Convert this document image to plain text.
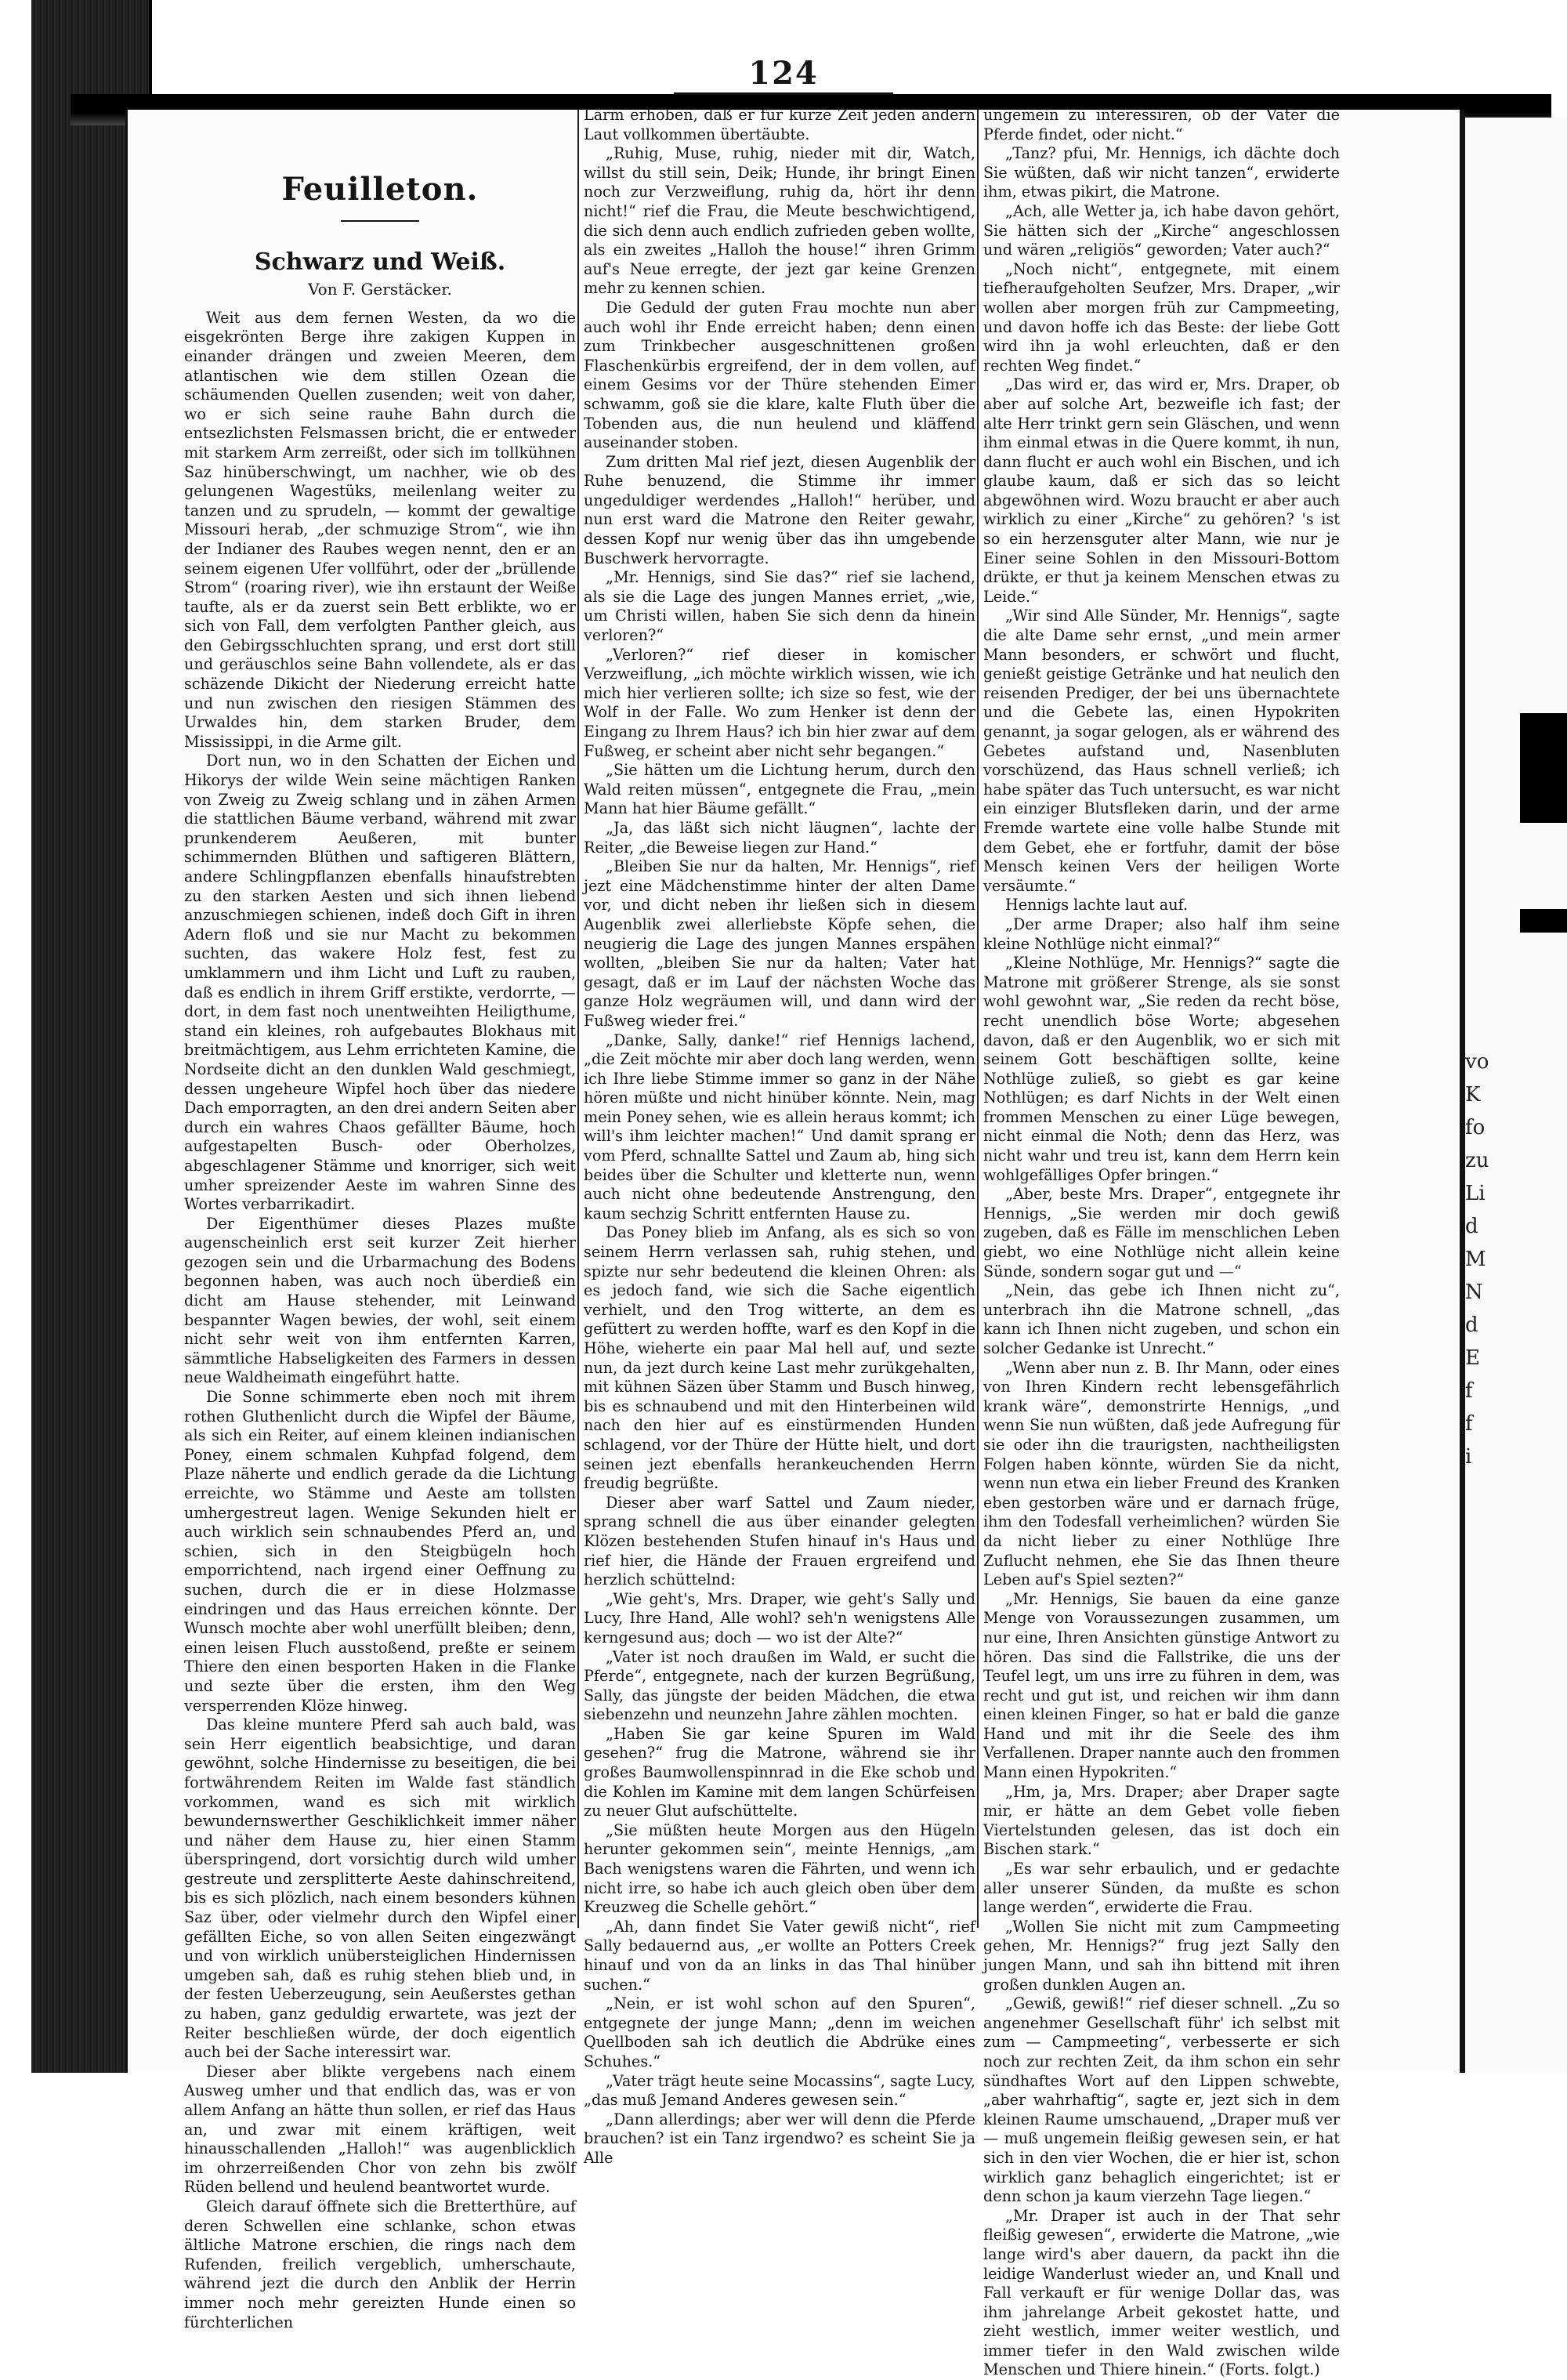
vo
K
fo
zu
Li
d
M
N
d
E
f
f
i
124
Feuilleton.
Schwarz und Weiß.
Von F. Gerstäcker.

Weit aus dem fernen Westen, da wo die eisgekrönten Berge ihre zakigen Kuppen in einander drängen und zweien Meeren, dem atlantischen wie dem stillen Ozean die schäumenden Quellen zusenden; weit von daher, wo er sich seine rauhe Bahn durch die entsezlichsten Felsmassen bricht, die er entweder mit starkem Arm zerreißt, oder sich im tollkühnen Saz hinüberschwingt, um nachher, wie ob des gelungenen Wagestüks, meilenlang weiter zu tanzen und zu sprudeln, — kommt der gewaltige Missouri herab, „der schmuzige Strom“, wie ihn der Indianer des Raubes wegen nennt, den er an seinem eigenen Ufer vollführt, oder der „brüllende Strom“ (roaring river), wie ihn erstaunt der Weiße taufte, als er da zuerst sein Bett erblikte, wo er sich von Fall, dem verfolgten Panther gleich, aus den Gebirgsschluchten sprang, und erst dort still und geräuschlos seine Bahn vollendete, als er das schäzende Dikicht der Niederung erreicht hatte und nun zwischen den riesigen Stämmen des Urwaldes hin, dem starken Bruder, dem Mississippi, in die Arme gilt.

Dort nun, wo in den Schatten der Eichen und Hikorys der wilde Wein seine mächtigen Ranken von Zweig zu Zweig schlang und in zähen Armen die stattlichen Bäume verband, während mit zwar prunkenderem Aeußeren, mit bunter schimmernden Blüthen und saftigeren Blättern, andere Schlingpflanzen ebenfalls hinaufstrebten zu den starken Aesten und sich ihnen liebend anzuschmiegen schienen, indeß doch Gift in ihren Adern floß und sie nur Macht zu bekommen suchten, das wakere Holz fest, fest zu umklammern und ihm Licht und Luft zu rauben, daß es endlich in ihrem Griff erstikte, verdorrte, — dort, in dem fast noch unentweihten Heiligthume, stand ein kleines, roh aufgebautes Blokhaus mit breitmächtigem, aus Lehm errichteten Kamine, die Nordseite dicht an den dunklen Wald geschmiegt, dessen ungeheure Wipfel hoch über das niedere Dach emporragten, an den drei andern Seiten aber durch ein wahres Chaos gefällter Bäume, hoch aufgestapelten Busch- oder Oberholzes, abgeschlagener Stämme und knorriger, sich weit umher spreizender Aeste im wahren Sinne des Wortes verbarrikadirt.

Der Eigenthümer dieses Plazes mußte augenscheinlich erst seit kurzer Zeit hierher gezogen sein und die Urbarmachung des Bodens begonnen haben, was auch noch überdieß ein dicht am Hause stehender, mit Leinwand bespannter Wagen bewies, der wohl, seit einem nicht sehr weit von ihm entfernten Karren, sämmtliche Habseligkeiten des Farmers in dessen neue Waldheimath eingeführt hatte.

Die Sonne schimmerte eben noch mit ihrem rothen Gluthenlicht durch die Wipfel der Bäume, als sich ein Reiter, auf einem kleinen indianischen Poney, einem schmalen Kuhpfad folgend, dem Plaze näherte und endlich gerade da die Lichtung erreichte, wo Stämme und Aeste am tollsten umhergestreut lagen. Wenige Sekunden hielt er auch wirklich sein schnaubendes Pferd an, und schien, sich in den Steigbügeln hoch emporrichtend, nach irgend einer Oeffnung zu suchen, durch die er in diese Holzmasse eindringen und das Haus erreichen könnte. Der Wunsch mochte aber wohl unerfüllt bleiben; denn, einen leisen Fluch ausstoßend, preßte er seinem Thiere den einen besporten Haken in die Flanke und sezte über die ersten, ihm den Weg versperrenden Klöze hinweg.

Das kleine muntere Pferd sah auch bald, was sein Herr eigentlich beabsichtige, und daran gewöhnt, solche Hindernisse zu beseitigen, die bei fortwährendem Reiten im Walde fast ständlich vorkommen, wand es sich mit wirklich bewundernswerther Geschiklichkeit immer näher und näher dem Hause zu, hier einen Stamm überspringend, dort vorsichtig durch wild umher gestreute und zersplitterte Aeste dahinschreitend, bis es sich plözlich, nach einem besonders kühnen Saz über, oder vielmehr durch den Wipfel einer gefällten Eiche, so von allen Seiten eingezwängt und von wirklich unübersteiglichen Hindernissen umgeben sah, daß es ruhig stehen blieb und, in der festen Ueberzeugung, sein Aeußerstes gethan zu haben, ganz geduldig erwartete, was jezt der Reiter beschließen würde, der doch eigentlich auch bei der Sache interessirt war.

Dieser aber blikte vergebens nach einem Ausweg umher und that endlich das, was er von allem Anfang an hätte thun sollen, er rief das Haus an, und zwar mit einem kräftigen, weit hinausschallenden „Halloh!“ was augenblicklich im ohrzerreißenden Chor von zehn bis zwölf Rüden bellend und heulend beantwortet wurde.

Gleich darauf öffnete sich die Bretterthüre, auf deren Schwellen eine schlanke, schon etwas ältliche Matrone erschien, die rings nach dem Rufenden, freilich vergeblich, umherschaute, während jezt die durch den Anblik der Herrin immer noch mehr gereizten Hunde einen so fürchterlichen

Lärm erhoben, daß er für kurze Zeit jeden andern Laut vollkommen übertäubte.

„Ruhig, Muse, ruhig, nieder mit dir, Watch, willst du still sein, Deik; Hunde, ihr bringt Einen noch zur Verzweiflung, ruhig da, hört ihr denn nicht!“ rief die Frau, die Meute beschwichtigend, die sich denn auch endlich zufrieden geben wollte, als ein zweites „Halloh the house!“ ihren Grimm auf's Neue erregte, der jezt gar keine Grenzen mehr zu kennen schien.

Die Geduld der guten Frau mochte nun aber auch wohl ihr Ende erreicht haben; denn einen zum Trinkbecher ausgeschnittenen großen Flaschenkürbis ergreifend, der in dem vollen, auf einem Gesims vor der Thüre stehenden Eimer schwamm, goß sie die klare, kalte Fluth über die Tobenden aus, die nun heulend und kläffend auseinander stoben.

Zum dritten Mal rief jezt, diesen Augenblik der Ruhe benuzend, die Stimme ihr immer ungeduldiger werdendes „Halloh!“ herüber, und nun erst ward die Matrone den Reiter gewahr, dessen Kopf nur wenig über das ihn umgebende Buschwerk hervorragte.

„Mr. Hennigs, sind Sie das?“ rief sie lachend, als sie die Lage des jungen Mannes erriet, „wie, um Christi willen, haben Sie sich denn da hinein verloren?“

„Verloren?“ rief dieser in komischer Verzweiflung, „ich möchte wirklich wissen, wie ich mich hier verlieren sollte; ich size so fest, wie der Wolf in der Falle. Wo zum Henker ist denn der Eingang zu Ihrem Haus? ich bin hier zwar auf dem Fußweg, er scheint aber nicht sehr begangen.“

„Sie hätten um die Lichtung herum, durch den Wald reiten müssen“, entgegnete die Frau, „mein Mann hat hier Bäume gefällt.“

„Ja, das läßt sich nicht läugnen“, lachte der Reiter, „die Beweise liegen zur Hand.“

„Bleiben Sie nur da halten, Mr. Hennigs“, rief jezt eine Mädchenstimme hinter der alten Dame vor, und dicht neben ihr ließen sich in diesem Augenblik zwei allerliebste Köpfe sehen, die neugierig die Lage des jungen Mannes erspähen wollten, „bleiben Sie nur da halten; Vater hat gesagt, daß er im Lauf der nächsten Woche das ganze Holz wegräumen will, und dann wird der Fußweg wieder frei.“

„Danke, Sally, danke!“ rief Hennigs lachend, „die Zeit möchte mir aber doch lang werden, wenn ich Ihre liebe Stimme immer so ganz in der Nähe hören müßte und nicht hinüber könnte. Nein, mag mein Poney sehen, wie es allein heraus kommt; ich will's ihm leichter machen!“ Und damit sprang er vom Pferd, schnallte Sattel und Zaum ab, hing sich beides über die Schulter und kletterte nun, wenn auch nicht ohne bedeutende Anstrengung, den kaum sechzig Schritt entfernten Hause zu.

Das Poney blieb im Anfang, als es sich so von seinem Herrn verlassen sah, ruhig stehen, und spizte nur sehr bedeutend die kleinen Ohren: als es jedoch fand, wie sich die Sache eigentlich verhielt, und den Trog witterte, an dem es gefüttert zu werden hoffte, warf es den Kopf in die Höhe, wieherte ein paar Mal hell auf, und sezte nun, da jezt durch keine Last mehr zurükgehalten, mit kühnen Säzen über Stamm und Busch hinweg, bis es schnaubend und mit den Hinterbeinen wild nach den hier auf es einstürmenden Hunden schlagend, vor der Thüre der Hütte hielt, und dort seinen jezt ebenfalls herankeuchenden Herrn freudig begrüßte.

Dieser aber warf Sattel und Zaum nieder, sprang schnell die aus über einander gelegten Klözen bestehenden Stufen hinauf in's Haus und rief hier, die Hände der Frauen ergreifend und herzlich schüttelnd:

„Wie geht's, Mrs. Draper, wie geht's Sally und Lucy, Ihre Hand, Alle wohl? seh'n wenigstens Alle kerngesund aus; doch — wo ist der Alte?“

„Vater ist noch draußen im Wald, er sucht die Pferde“, entgegnete, nach der kurzen Begrüßung, Sally, das jüngste der beiden Mädchen, die etwa siebenzehn und neunzehn Jahre zählen mochten.

„Haben Sie gar keine Spuren im Wald gesehen?“ frug die Matrone, während sie ihr großes Baumwollenspinnrad in die Eke schob und die Kohlen im Kamine mit dem langen Schürfeisen zu neuer Glut aufschüttelte.

„Sie müßten heute Morgen aus den Hügeln herunter gekommen sein“, meinte Hennigs, „am Bach wenigstens waren die Fährten, und wenn ich nicht irre, so habe ich auch gleich oben über dem Kreuzweg die Schelle gehört.“

„Ah, dann findet Sie Vater gewiß nicht“, rief Sally bedauernd aus, „er wollte an Potters Creek hinauf und von da an links in das Thal hinüber suchen.“

„Nein, er ist wohl schon auf den Spuren“, entgegnete der junge Mann; „denn im weichen Quellboden sah ich deutlich die Abdrüke eines Schuhes.“

„Vater trägt heute seine Mocassins“, sagte Lucy, „das muß Jemand Anderes gewesen sein.“

„Dann allerdings; aber wer will denn die Pferde brauchen? ist ein Tanz irgendwo? es scheint Sie ja Alle

ungemein zu interessiren, ob der Vater die Pferde findet, oder nicht.“

„Tanz? pfui, Mr. Hennigs, ich dächte doch Sie wüßten, daß wir nicht tanzen“, erwiderte ihm, etwas pikirt, die Matrone.

„Ach, alle Wetter ja, ich habe davon gehört, Sie hätten sich der „Kirche“ angeschlossen und wären „religiös“ geworden; Vater auch?“

„Noch nicht“, entgegnete, mit einem tiefheraufgeholten Seufzer, Mrs. Draper, „wir wollen aber morgen früh zur Campmeeting, und davon hoffe ich das Beste: der liebe Gott wird ihn ja wohl erleuchten, daß er den rechten Weg findet.“

„Das wird er, das wird er, Mrs. Draper, ob aber auf solche Art, bezweifle ich fast; der alte Herr trinkt gern sein Gläschen, und wenn ihm einmal etwas in die Quere kommt, ih nun, dann flucht er auch wohl ein Bischen, und ich glaube kaum, daß er sich das so leicht abgewöhnen wird. Wozu braucht er aber auch wirklich zu einer „Kirche“ zu gehören? 's ist so ein herzensguter alter Mann, wie nur je Einer seine Sohlen in den Missouri-Bottom drükte, er thut ja keinem Menschen etwas zu Leide.“

„Wir sind Alle Sünder, Mr. Hennigs“, sagte die alte Dame sehr ernst, „und mein armer Mann besonders, er schwört und flucht, genießt geistige Getränke und hat neulich den reisenden Prediger, der bei uns übernachtete und die Gebete las, einen Hypokriten genannt, ja sogar gelogen, als er während des Gebetes aufstand und, Nasenbluten vorschüzend, das Haus schnell verließ; ich habe später das Tuch untersucht, es war nicht ein einziger Blutsfleken darin, und der arme Fremde wartete eine volle halbe Stunde mit dem Gebet, ehe er fortfuhr, damit der böse Mensch keinen Vers der heiligen Worte versäumte.“

Hennigs lachte laut auf.

„Der arme Draper; also half ihm seine kleine Nothlüge nicht einmal?“

„Kleine Nothlüge, Mr. Hennigs?“ sagte die Matrone mit größerer Strenge, als sie sonst wohl gewohnt war, „Sie reden da recht böse, recht unendlich böse Worte; abgesehen davon, daß er den Augenblik, wo er sich mit seinem Gott beschäftigen sollte, keine Nothlüge zuließ, so giebt es gar keine Nothlügen; es darf Nichts in der Welt einen frommen Menschen zu einer Lüge bewegen, nicht einmal die Noth; denn das Herz, was nicht wahr und treu ist, kann dem Herrn kein wohlgefälliges Opfer bringen.“

„Aber, beste Mrs. Draper“, entgegnete ihr Hennigs, „Sie werden mir doch gewiß zugeben, daß es Fälle im menschlichen Leben giebt, wo eine Nothlüge nicht allein keine Sünde, sondern sogar gut und —“

„Nein, das gebe ich Ihnen nicht zu“, unterbrach ihn die Matrone schnell, „das kann ich Ihnen nicht zugeben, und schon ein solcher Gedanke ist Unrecht.“

„Wenn aber nun z. B. Ihr Mann, oder eines von Ihren Kindern recht lebensgefährlich krank wäre“, demonstrirte Hennigs, „und wenn Sie nun wüßten, daß jede Aufregung für sie oder ihn die traurigsten, nachtheiligsten Folgen haben könnte, würden Sie da nicht, wenn nun etwa ein lieber Freund des Kranken eben gestorben wäre und er darnach früge, ihm den Todesfall verheimlichen? würden Sie da nicht lieber zu einer Nothlüge Ihre Zuflucht nehmen, ehe Sie das Ihnen theure Leben auf's Spiel sezten?“

„Mr. Hennigs, Sie bauen da eine ganze Menge von Voraussezungen zusammen, um nur eine, Ihren Ansichten günstige Antwort zu hören. Das sind die Fallstrike, die uns der Teufel legt, um uns irre zu führen in dem, was recht und gut ist, und reichen wir ihm dann einen kleinen Finger, so hat er bald die ganze Hand und mit ihr die Seele des ihm Verfallenen. Draper nannte auch den frommen Mann einen Hypokriten.“

„Hm, ja, Mrs. Draper; aber Draper sagte mir, er hätte an dem Gebet volle fieben Viertelstunden gelesen, das ist doch ein Bischen stark.“

„Es war sehr erbaulich, und er gedachte aller unserer Sünden, da mußte es schon lange werden“, erwiderte die Frau.

„Wollen Sie nicht mit zum Campmeeting gehen, Mr. Hennigs?“ frug jezt Sally den jungen Mann, und sah ihn bittend mit ihren großen dunklen Augen an.

„Gewiß, gewiß!“ rief dieser schnell. „Zu so angenehmer Gesellschaft führ' ich selbst mit zum — Campmeeting“, verbesserte er sich noch zur rechten Zeit, da ihm schon ein sehr sündhaftes Wort auf den Lippen schwebte, „aber wahrhaftig“, sagte er, jezt sich in dem kleinen Raume umschauend, „Draper muß ver — muß ungemein fleißig gewesen sein, er hat sich in den vier Wochen, die er hier ist, schon wirklich ganz behaglich eingerichtet; ist er denn schon ja kaum vierzehn Tage liegen.“

„Mr. Draper ist auch in der That sehr fleißig gewesen“, erwiderte die Matrone, „wie lange wird's aber dauern, da packt ihn die leidige Wanderlust wieder an, und Knall und Fall verkauft er für wenige Dollar das, was ihm jahrelange Arbeit gekostet hatte, und zieht westlich, immer weiter westlich, und immer tiefer in den Wald zwischen wilde Menschen und Thiere hinein.“ (Forts. folgt.)
